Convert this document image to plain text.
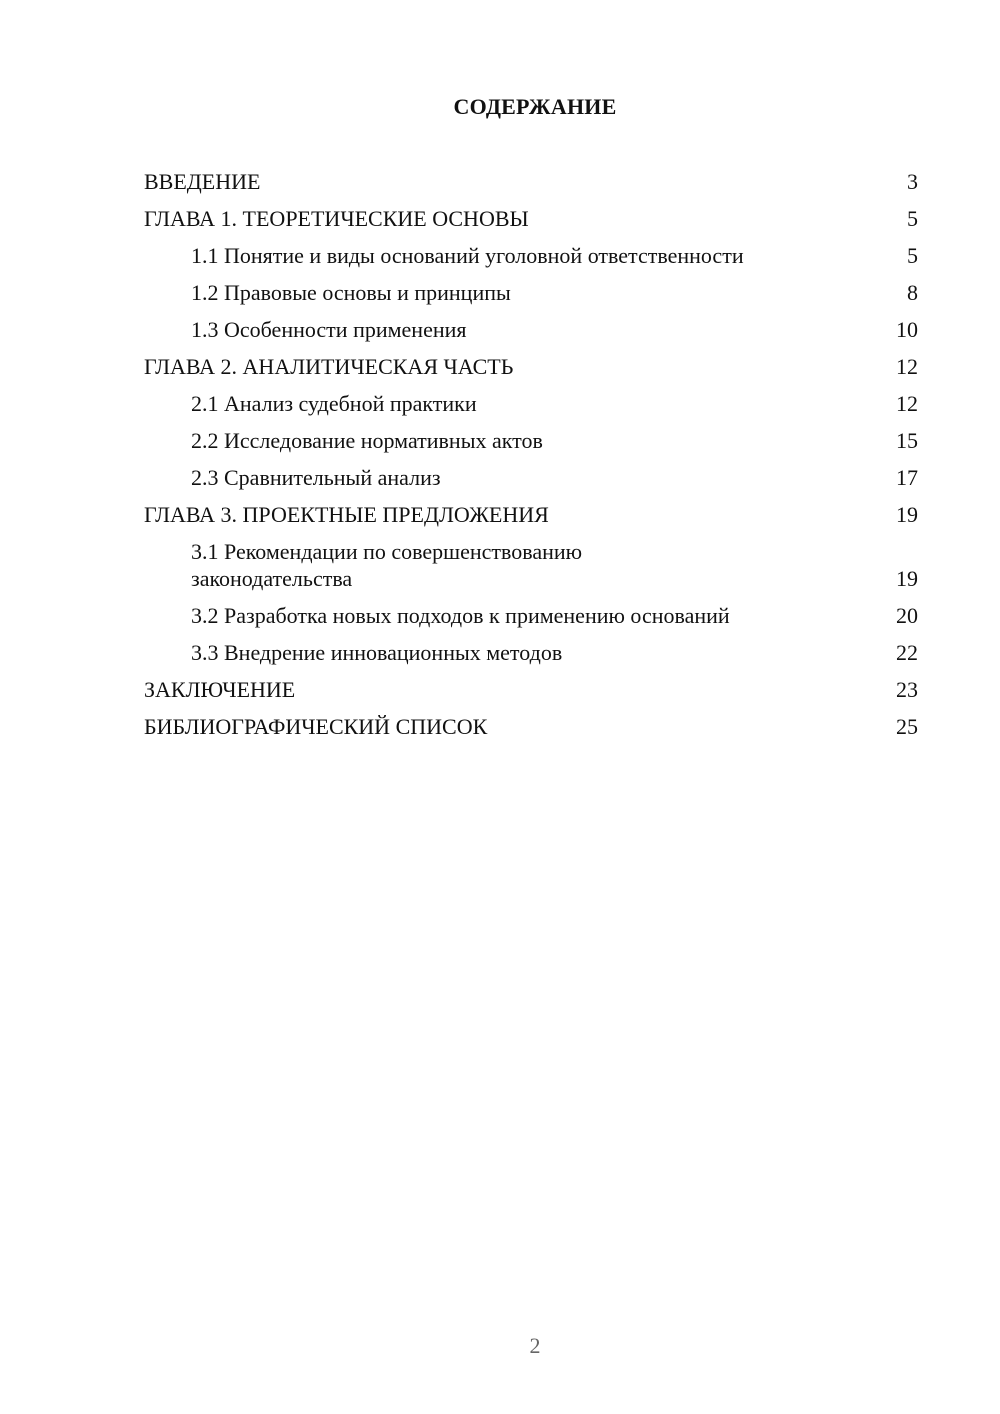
СОДЕРЖАНИЕ
ВВЕДЕНИЕ	3
ГЛАВА 1. ТЕОРЕТИЧЕСКИЕ ОСНОВЫ	5
1.1 Понятие и виды оснований уголовной ответственности	5
1.2 Правовые основы и принципы	8
1.3 Особенности применения	10
ГЛАВА 2. АНАЛИТИЧЕСКАЯ ЧАСТЬ	12
2.1 Анализ судебной практики	12
2.2 Исследование нормативных актов	15
2.3 Сравнительный анализ	17
ГЛАВА 3. ПРОЕКТНЫЕ ПРЕДЛОЖЕНИЯ	19
3.1 Рекомендации по совершенствованию
законодательства	19
3.2 Разработка новых подходов к применению оснований	20
3.3 Внедрение инновационных методов	22
ЗАКЛЮЧЕНИЕ	23
БИБЛИОГРАФИЧЕСКИЙ СПИСОК	25
2
